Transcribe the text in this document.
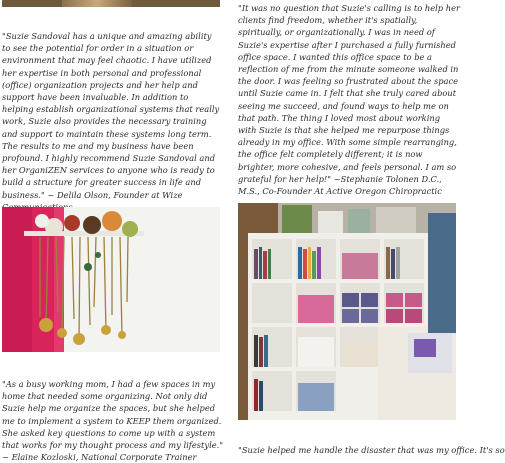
"Suzie Sandoval has a unique and amazing ability to see the potential for order in a situation or environment that may feel chaotic. I have utilized her expertise in both personal and professional (office) organization projects and her help and support have been invaluable. In addition to helping establish organizational systems that really work, Suzie also provides the necessary training and support to maintain these systems long term. The results to me and my business have been profound. I highly recommend Suzie Sandoval and her OrganiZEN services to anyone who is ready to build a structure for greater success in life and business." ~ Delila Olson, Founder at Wize

"It was no question that Suzie's calling is to help her clients find freedom, whether it's spatially, spiritually, or organizationally. I was in need of Suzie's expertise after I purchased a fully furnished office space. I wanted this office space to be a reflection of me from the minute someone walked in the door. I was feeling so frustrated about the space until Suzie came in. I felt that she truly cared about seeing me succeed, and found ways to help me on that path. The thing I loved most about working with Suzie is that she helped me repurpose things already in my office. With some simple rearranging, the office felt completely different; it is now brighter, more cohesive, and feels personal. I am so grateful for her help!" ~Stephanie Tolonen D.C., M.S., Co-Founder At Active Oregon Chiropractic

"As a busy working mom, I had a few spaces in my home that needed some organizing. Not only did Suzie help me organize the spaces, but she helped me to implement a system to KEEP them organized. She asked key questions to come up with a system that works for my thought process and my lifestyle." ~ Elaine Kozloski, National Corporate Trainer

"Suzie helped me handle the disaster that was my office. It's so
